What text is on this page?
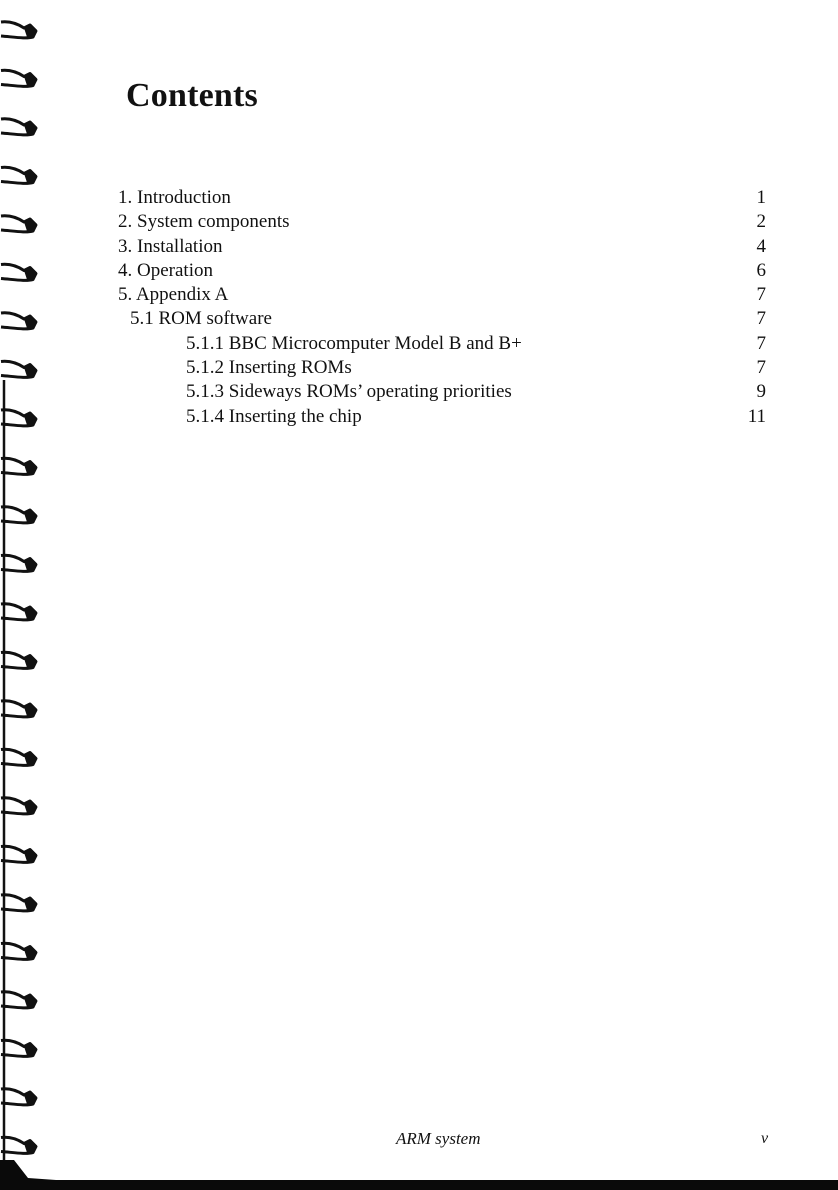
Contents
1. Introduction	1
2. System components	2
3. Installation	4
4. Operation	6
5. Appendix A	7
5.1 ROM software	7
5.1.1 BBC Microcomputer Model B and B+	7
5.1.2 Inserting ROMs	7
5.1.3 Sideways ROMs’ operating priorities	9
5.1.4 Inserting the chip	11
ARM system	v
